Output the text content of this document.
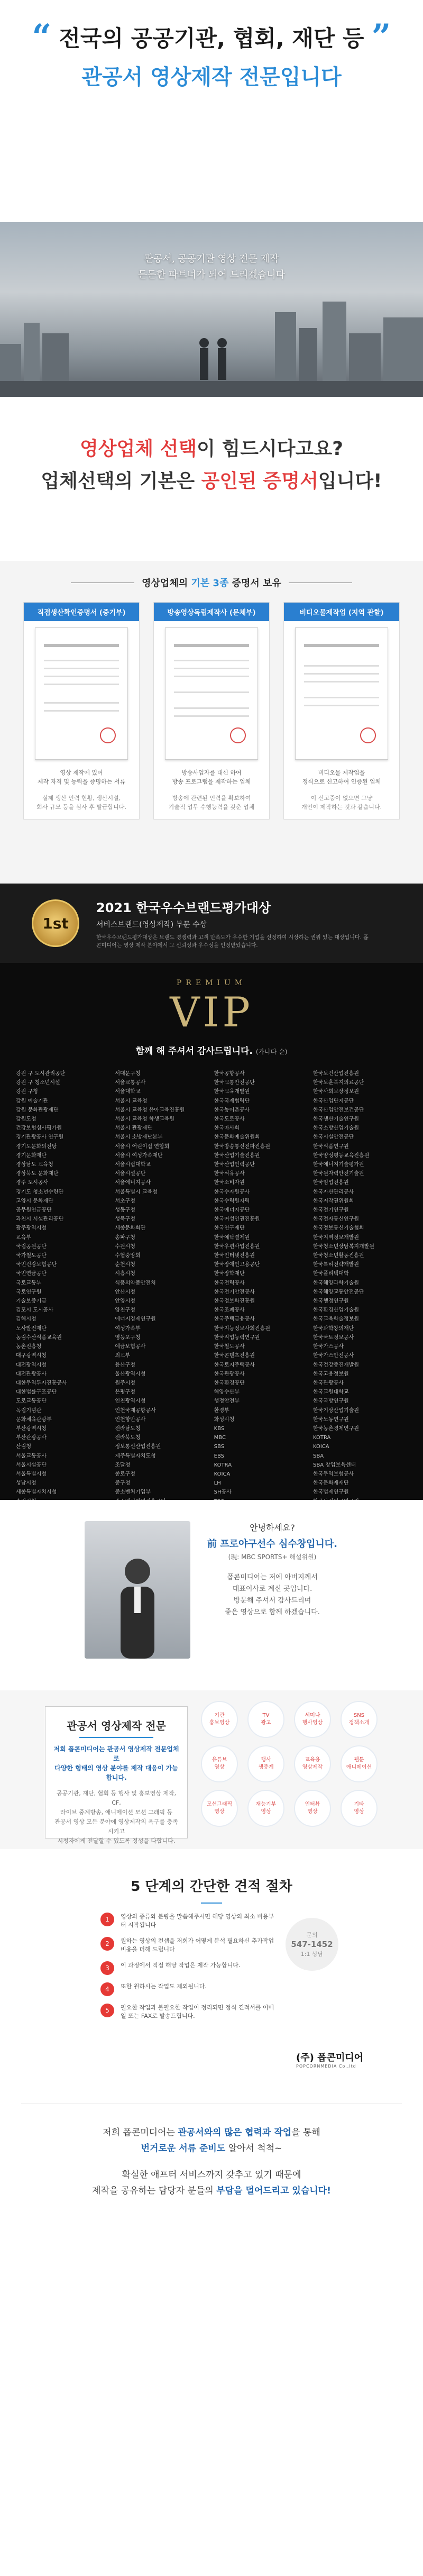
“ 전국의 공공기관, 협회, 재단 등 ”
관공서 영상제작 전문입니다
관공서, 공공기관 영상 전문 제작
든든한 파트너가 되어 드리겠습니다
영상업체 선택이 힘드시다고요?
업체선택의 기본은 공인된 증명서입니다!
영상업체의 기본 3종 증명서 보유
직접생산확인증명서 (중기부)
영상 제작에 있어
제작 자격 및 능력을 증명하는 서류
실제 생산 인력 현황, 생산시설,
회사 규모 등을 심사 후 발급합니다.
방송영상독립제작사 (문체부)
방송사업자를 대신 하여
방송 프로그램을 제작하는 업체
방송에 관련된 인력을 확보하여
기술적 업무 수행능력을 갖춘 업체
비디오물제작업 (지역 관할)
비디오물 제작업을
정식으로 신고하여 인증된 업체
이 신고증이 없으면 그냥
개인이 제작하는 것과 같습니다.
1st
2021 한국우수브랜드평가대상
서비스브랜드(영상제작) 부문 수상
한국우수브랜드평가대상은 브랜드 경쟁력과 고객 만족도가 우수한 기업을 선정하여 시상하는 권위 있는 대상입니다. 폽콘미디어는 영상 제작 분야에서 그 신뢰성과 우수성을 인정받았습니다.
PREMIUM
VIP
함께 해 주셔서 감사드립니다. (가나다 순)
강원 구 도시관리공단
강원 구 청소년시설
강원 구청
강원 예술기관
강원 문화관광재단
강원도청
건강보험심사평가원
경기관광공사 연구원
경기도문화의전당
경기문화재단
경상남도 교육청
경상북도 문화재단
경주 도시공사
경기도 청소년수련관
고양시 문화재단
공무원연금공단
과천시 시설관리공단
광주광역시청
교육부
국립공원공단
국가철도공단
국민건강보험공단
국민연금공단
국토교통부
국토연구원
기술보증기금
김포시 도시공사
김해시청
노사발전재단
농림수산식품교육원
농촌진흥청
대구광역시청
대전광역시청
대전관광공사
대한무역투자진흥공사
대한법률구조공단
도로교통공단
독립기념관
문화체육관광부
부산광역시청
부산관광공사
산림청
서울교통공사
서울시설공단
서울특별시청
성남시청
세종특별자치시청
서대문구청
서울교통공사
서울대학교
서울시 교육청
서울시 교육청 유아교육진흥원
서울시 교육청 학생교육원
서울시 관광재단
서울시 소방재난본부
서울시 어린이집 연합회
서울시 여성가족재단
서울시립대학교
서울시설공단
서울에너지공사
서울특별시 교육청
서초구청
성동구청
성북구청
세종문화회관
송파구청
수원시청
수협중앙회
순천시청
시흥시청
식품의약품안전처
안산시청
안양시청
양천구청
에너지경제연구원
여성가족부
영등포구청
예금보험공사
외교부
용산구청
울산광역시청
원주시청
은평구청
인천광역시청
인천국제공항공사
인천항만공사
전라남도청
전라북도청
정보통신산업진흥원
제주특별자치도청
조달청
종로구청
중구청
중소벤처기업부
한국공항공사
한국교통안전공단
한국교육개발원
한국국제협력단
한국농어촌공사
한국도로공사
한국마사회
한국문화예술위원회
한국방송통신전파진흥원
한국산업기술진흥원
한국산업인력공단
한국석유공사
한국소비자원
한국수자원공사
한국수력원자력
한국에너지공단
한국여성인권진흥원
한국연구재단
한국예탁결제원
한국우편사업진흥원
한국인터넷진흥원
한국장애인고용공단
한국장학재단
한국전력공사
한국전기안전공사
한국정보화진흥원
한국조폐공사
한국주택금융공사
한국지능정보사회진흥원
한국직업능력연구원
한국철도공사
한국콘텐츠진흥원
한국토지주택공사
한국관광공사
한국환경공단
해양수산부
행정안전부
환경부
화성시청
KBS
MBC
SBS
EBS
KOTRA
KOICA
LH
SH공사
한국보건산업진흥원
한국보훈복지의료공단
한국사회보장정보원
한국산업단지공단
한국산업안전보건공단
한국생산기술연구원
한국소방산업기술원
한국시설안전공단
한국식품연구원
한국양성평등교육진흥원
한국에너지기술평가원
한국원자력안전기술원
한국임업진흥원
한국자산관리공사
한국저작권위원회
한국전기연구원
한국전자통신연구원
한국정보통신기술협회
한국지역정보개발원
한국청소년상담복지개발원
한국청소년활동진흥원
한국특허전략개발원
한국폴리텍대학
한국해양과학기술원
한국해양교통안전공단
한국행정연구원
한국환경산업기술원
한국교육학술정보원
한국과학창의재단
한국국토정보공사
한국가스공사
한국가스안전공사
한국건강증진개발원
한국고용정보원
한국관광공사
한국교원대학교
한국국방연구원
한국기상산업기술원
한국노동연구원
한국농촌경제연구원
KOTRA
KOICA
SBA
SBA 창업보육센터
한국무역보험공사
한국문화재재단
한국법제연구원
안녕하세요?
前 프로야구선수 심수창입니다.
(現: MBC SPORTS+ 해설위원)
폽콘미디어는 저에 아버지께서
대표이사로 계신 곳입니다.
방문해 주셔서 감사드리며
좋은 영상으로 함께 하겠습니다.
관공서 영상제작 전문
저희 폽콘미디어는 관공서 영상제작 전문업체로
다양한 형태의 영상 분야를 제작 대응이 가능합니다.
공공기관, 재단, 협회 등 행사 및 홍보영상 제작, CF,
라이브 중계방송, 애니메이션 모션 그래픽 등
관공서 영상 모든 분야에 영상제작의 욕구를 충족시키고
시청자에게 전달할 수 있도록 정성을 다합니다.
기관
홍보영상
TV
광고
세미나
행사영상
SNS
정책소개
유튜브
영상
행사
생중계
교육용
영상제작
웹툰
애니메이션
모션그래픽
영상
재능기부
영상
인터뷰
영상
기타
영상
5 단계의 간단한 견적 절차
1	영상의 종류와 분량을 말씀해주시면 해당 영상의 최소 비용부터 시작됩니다
2	원하는 영상의 컨셉을 저희가 어떻게 분석 필요하신 추가작업 비용을 더해 드립니다
3	이 과정에서 직접 해당 작업은 제작 가능합니다.
4	또한 원하시는 작업도 제외됩니다.
5	필요한 작업과 불필요한 작업이 정리되면 정식 견적서를 이메일 또는 FAX로 발송드립니다.
문의
547-1452
1:1 상담
(주) 폽콘미디어
POPCORNMEDIA Co.,ltd
저희 폽콘미디어는 관공서와의 많은 협력과 작업을 통해
번거로운 서류 준비도 알아서 척척~
확실한 애프터 서비스까지 갖추고 있기 때문에
제작을 공유하는 담당자 분들의 부담을 덜어드리고 있습니다!
